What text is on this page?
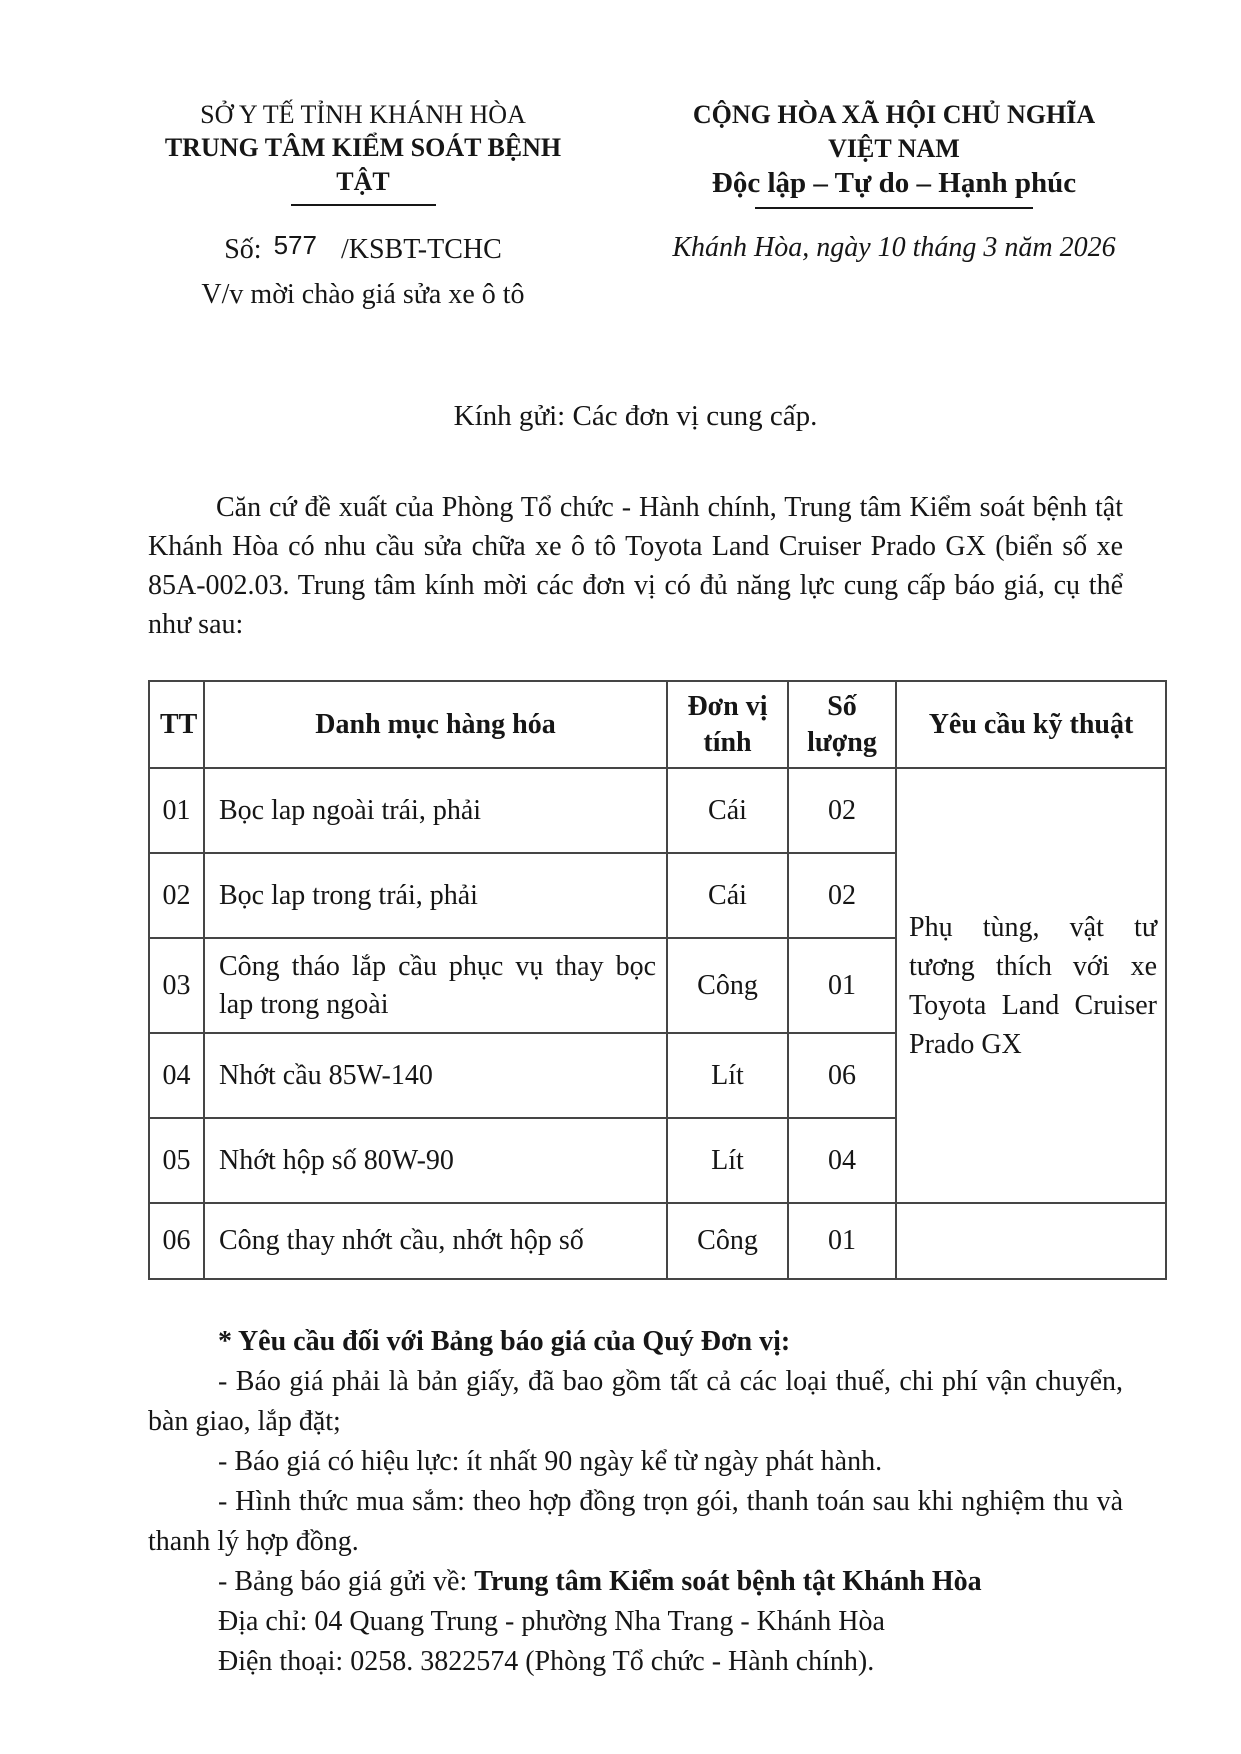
SỞ Y TẾ TỈNH KHÁNH HÒA
TRUNG TÂM KIỂM SOÁT BỆNH TẬT
Số: 577 /KSBT-TCHC
V/v mời chào giá sửa xe ô tô
CỘNG HÒA XÃ HỘI CHỦ NGHĨA VIỆT NAM
Độc lập – Tự do – Hạnh phúc
Khánh Hòa, ngày 10 tháng 3 năm 2026
Kính gửi: Các đơn vị cung cấp.

Căn cứ đề xuất của Phòng Tổ chức - Hành chính, Trung tâm Kiểm soát bệnh tật Khánh Hòa có nhu cầu sửa chữa xe ô tô Toyota Land Cruiser Prado GX (biển số xe 85A-002.03. Trung tâm kính mời các đơn vị có đủ năng lực cung cấp báo giá, cụ thể như sau:

TT	Danh mục hàng hóa	Đơn vị tính	Số lượng	Yêu cầu kỹ thuật
01	Bọc lap ngoài trái, phải	Cái	02	Phụ tùng, vật tư tương thích với xe Toyota Land Cruiser Prado GX
02	Bọc lap trong trái, phải	Cái	02	
03	Công tháo lắp cầu phục vụ thay bọc lap trong ngoài	Công	01	
04	Nhớt cầu 85W-140	Lít	06	
05	Nhớt hộp số 80W-90	Lít	04	
06	Công thay nhớt cầu, nhớt hộp số	Công	01	

* Yêu cầu đối với Bảng báo giá của Quý Đơn vị:

- Báo giá phải là bản giấy, đã bao gồm tất cả các loại thuế, chi phí vận chuyển, bàn giao, lắp đặt;

- Báo giá có hiệu lực: ít nhất 90 ngày kể từ ngày phát hành.

- Hình thức mua sắm: theo hợp đồng trọn gói, thanh toán sau khi nghiệm thu và thanh lý hợp đồng.

- Bảng báo giá gửi về: Trung tâm Kiểm soát bệnh tật Khánh Hòa

Địa chỉ: 04 Quang Trung - phường Nha Trang - Khánh Hòa

Điện thoại: 0258. 3822574 (Phòng Tổ chức - Hành chính).
